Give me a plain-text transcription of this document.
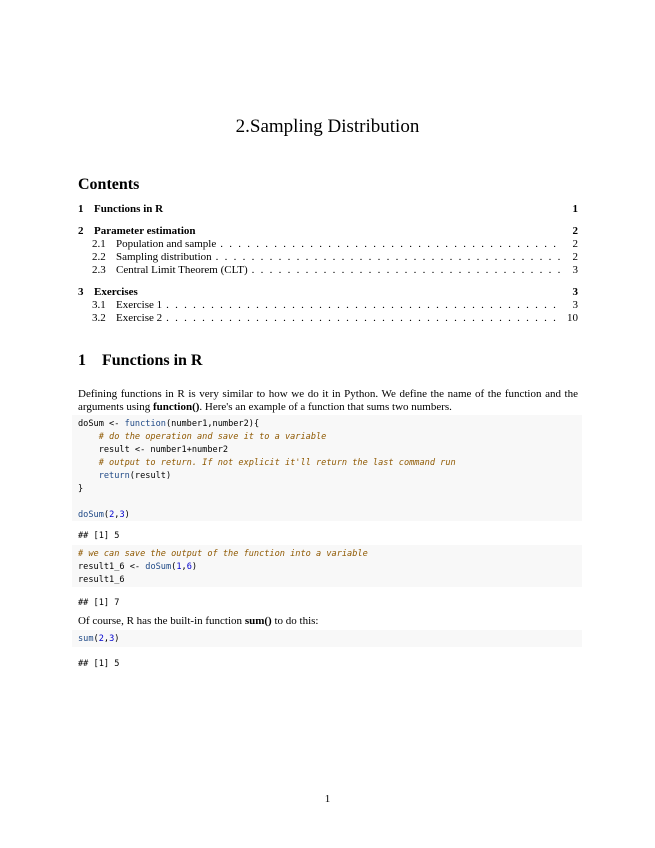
2.Sampling Distribution
Contents
1 Functions in R	1
2 Parameter estimation	2
2.1 Population and sample . . .	2
2.2 Sampling distribution . . .	2
2.3 Central Limit Theorem (CLT) . . .	3
3 Exercises	3
3.1 Exercise 1 . . .	3
3.2 Exercise 2 . . .	10
1 Functions in R
Defining functions in R is very similar to how we do it in Python. We define the name of the function and the arguments using function(). Here's an example of a function that sums two numbers.
doSum <- function(number1,number2){
# do the operation and save it to a variable
result <- number1+number2
# output to return. If not explicit it'll return the last command run
return(result)
}

doSum(2,3)
## [1] 5
# we can save the output of the function into a variable
result1_6 <- doSum(1,6)
result1_6
## [1] 7
Of course, R has the built-in function sum() to do this:
sum(2,3)
## [1] 5
1
